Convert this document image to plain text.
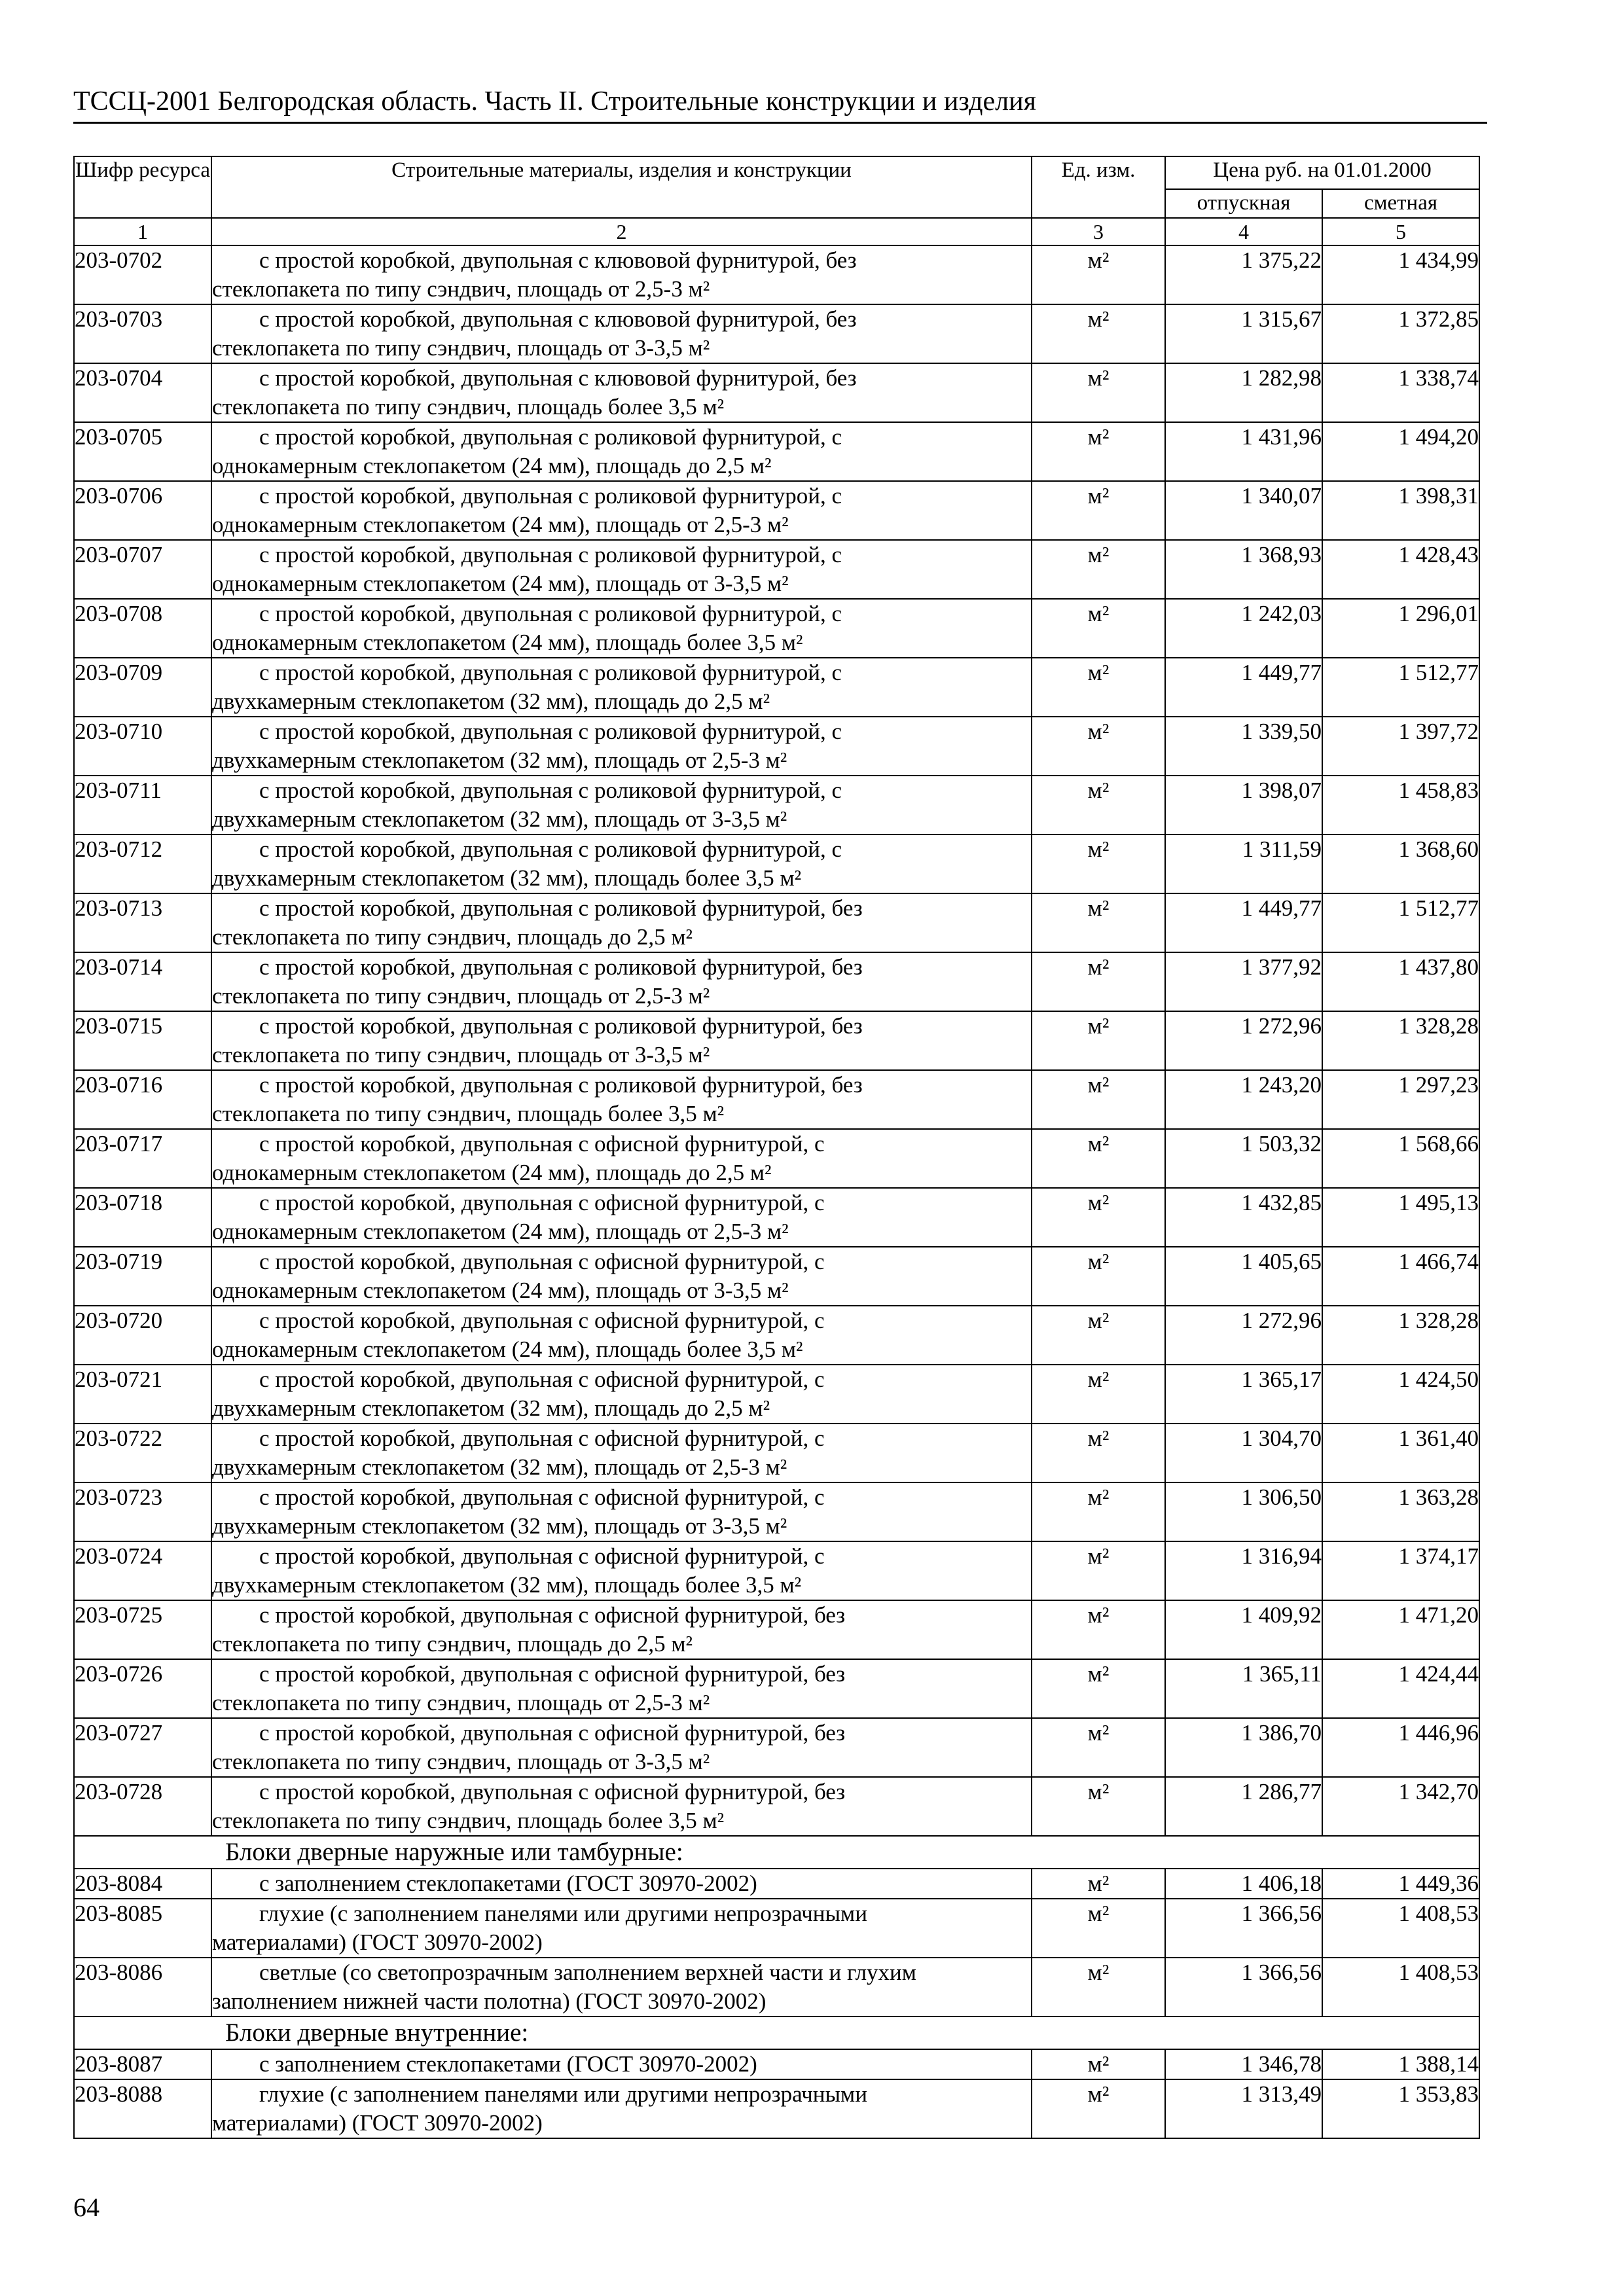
ТССЦ-2001 Белгородская область. Часть II. Строительные конструкции и изделия
Шифр ресурса	Строительные материалы, изделия и конструкции	Ед. изм.	Цена руб. на 01.01.2000	
			отпускная	сметная
1	2	3	4	5
203-0702	с простой коробкой, двупольная с клювовой фурнитурой, без
стеклопакета по типу сэндвич, площадь от 2,5-3 м²	м²	1 375,22	1 434,99
203-0703	с простой коробкой, двупольная с клювовой фурнитурой, без
стеклопакета по типу сэндвич, площадь от 3-3,5 м²	м²	1 315,67	1 372,85
203-0704	с простой коробкой, двупольная с клювовой фурнитурой, без
стеклопакета по типу сэндвич, площадь более 3,5 м²	м²	1 282,98	1 338,74
203-0705	с простой коробкой, двупольная с роликовой фурнитурой, с
однокамерным стеклопакетом (24 мм), площадь до 2,5 м²	м²	1 431,96	1 494,20
203-0706	с простой коробкой, двупольная с роликовой фурнитурой, с
однокамерным стеклопакетом (24 мм), площадь от 2,5-3 м²	м²	1 340,07	1 398,31
203-0707	с простой коробкой, двупольная с роликовой фурнитурой, с
однокамерным стеклопакетом (24 мм), площадь от 3-3,5 м²	м²	1 368,93	1 428,43
203-0708	с простой коробкой, двупольная с роликовой фурнитурой, с
однокамерным стеклопакетом (24 мм), площадь более 3,5 м²	м²	1 242,03	1 296,01
203-0709	с простой коробкой, двупольная с роликовой фурнитурой, с
двухкамерным стеклопакетом (32 мм), площадь до 2,5 м²	м²	1 449,77	1 512,77
203-0710	с простой коробкой, двупольная с роликовой фурнитурой, с
двухкамерным стеклопакетом (32 мм), площадь от 2,5-3 м²	м²	1 339,50	1 397,72
203-0711	с простой коробкой, двупольная с роликовой фурнитурой, с
двухкамерным стеклопакетом (32 мм), площадь от 3-3,5 м²	м²	1 398,07	1 458,83
203-0712	с простой коробкой, двупольная с роликовой фурнитурой, с
двухкамерным стеклопакетом (32 мм), площадь более 3,5 м²	м²	1 311,59	1 368,60
203-0713	с простой коробкой, двупольная с роликовой фурнитурой, без
стеклопакета по типу сэндвич, площадь до 2,5 м²	м²	1 449,77	1 512,77
203-0714	с простой коробкой, двупольная с роликовой фурнитурой, без
стеклопакета по типу сэндвич, площадь от 2,5-3 м²	м²	1 377,92	1 437,80
203-0715	с простой коробкой, двупольная с роликовой фурнитурой, без
стеклопакета по типу сэндвич, площадь от 3-3,5 м²	м²	1 272,96	1 328,28
203-0716	с простой коробкой, двупольная с роликовой фурнитурой, без
стеклопакета по типу сэндвич, площадь более 3,5 м²	м²	1 243,20	1 297,23
203-0717	с простой коробкой, двупольная с офисной фурнитурой, с
однокамерным стеклопакетом (24 мм), площадь до 2,5 м²	м²	1 503,32	1 568,66
203-0718	с простой коробкой, двупольная с офисной фурнитурой, с
однокамерным стеклопакетом (24 мм), площадь от 2,5-3 м²	м²	1 432,85	1 495,13
203-0719	с простой коробкой, двупольная с офисной фурнитурой, с
однокамерным стеклопакетом (24 мм), площадь от 3-3,5 м²	м²	1 405,65	1 466,74
203-0720	с простой коробкой, двупольная с офисной фурнитурой, с
однокамерным стеклопакетом (24 мм), площадь более 3,5 м²	м²	1 272,96	1 328,28
203-0721	с простой коробкой, двупольная с офисной фурнитурой, с
двухкамерным стеклопакетом (32 мм), площадь до 2,5 м²	м²	1 365,17	1 424,50
203-0722	с простой коробкой, двупольная с офисной фурнитурой, с
двухкамерным стеклопакетом (32 мм), площадь от 2,5-3 м²	м²	1 304,70	1 361,40
203-0723	с простой коробкой, двупольная с офисной фурнитурой, с
двухкамерным стеклопакетом (32 мм), площадь от 3-3,5 м²	м²	1 306,50	1 363,28
203-0724	с простой коробкой, двупольная с офисной фурнитурой, с
двухкамерным стеклопакетом (32 мм), площадь более 3,5 м²	м²	1 316,94	1 374,17
203-0725	с простой коробкой, двупольная с офисной фурнитурой, без
стеклопакета по типу сэндвич, площадь до 2,5 м²	м²	1 409,92	1 471,20
203-0726	с простой коробкой, двупольная с офисной фурнитурой, без
стеклопакета по типу сэндвич, площадь от 2,5-3 м²	м²	1 365,11	1 424,44
203-0727	с простой коробкой, двупольная с офисной фурнитурой, без
стеклопакета по типу сэндвич, площадь от 3-3,5 м²	м²	1 386,70	1 446,96
203-0728	с простой коробкой, двупольная с офисной фурнитурой, без
стеклопакета по типу сэндвич, площадь более 3,5 м²	м²	1 286,77	1 342,70
Блоки дверные наружные или тамбурные:				
203-8084	с заполнением стеклопакетами (ГОСТ 30970-2002)	м²	1 406,18	1 449,36
203-8085	глухие (с заполнением панелями или другими непрозрачными
материалами) (ГОСТ 30970-2002)	м²	1 366,56	1 408,53
203-8086	светлые (со светопрозрачным заполнением верхней части и глухим
заполнением нижней части полотна) (ГОСТ 30970-2002)	м²	1 366,56	1 408,53
Блоки дверные внутренние:				
203-8087	с заполнением стеклопакетами (ГОСТ 30970-2002)	м²	1 346,78	1 388,14
203-8088	глухие (с заполнением панелями или другими непрозрачными
материалами) (ГОСТ 30970-2002)	м²	1 313,49	1 353,83
64
